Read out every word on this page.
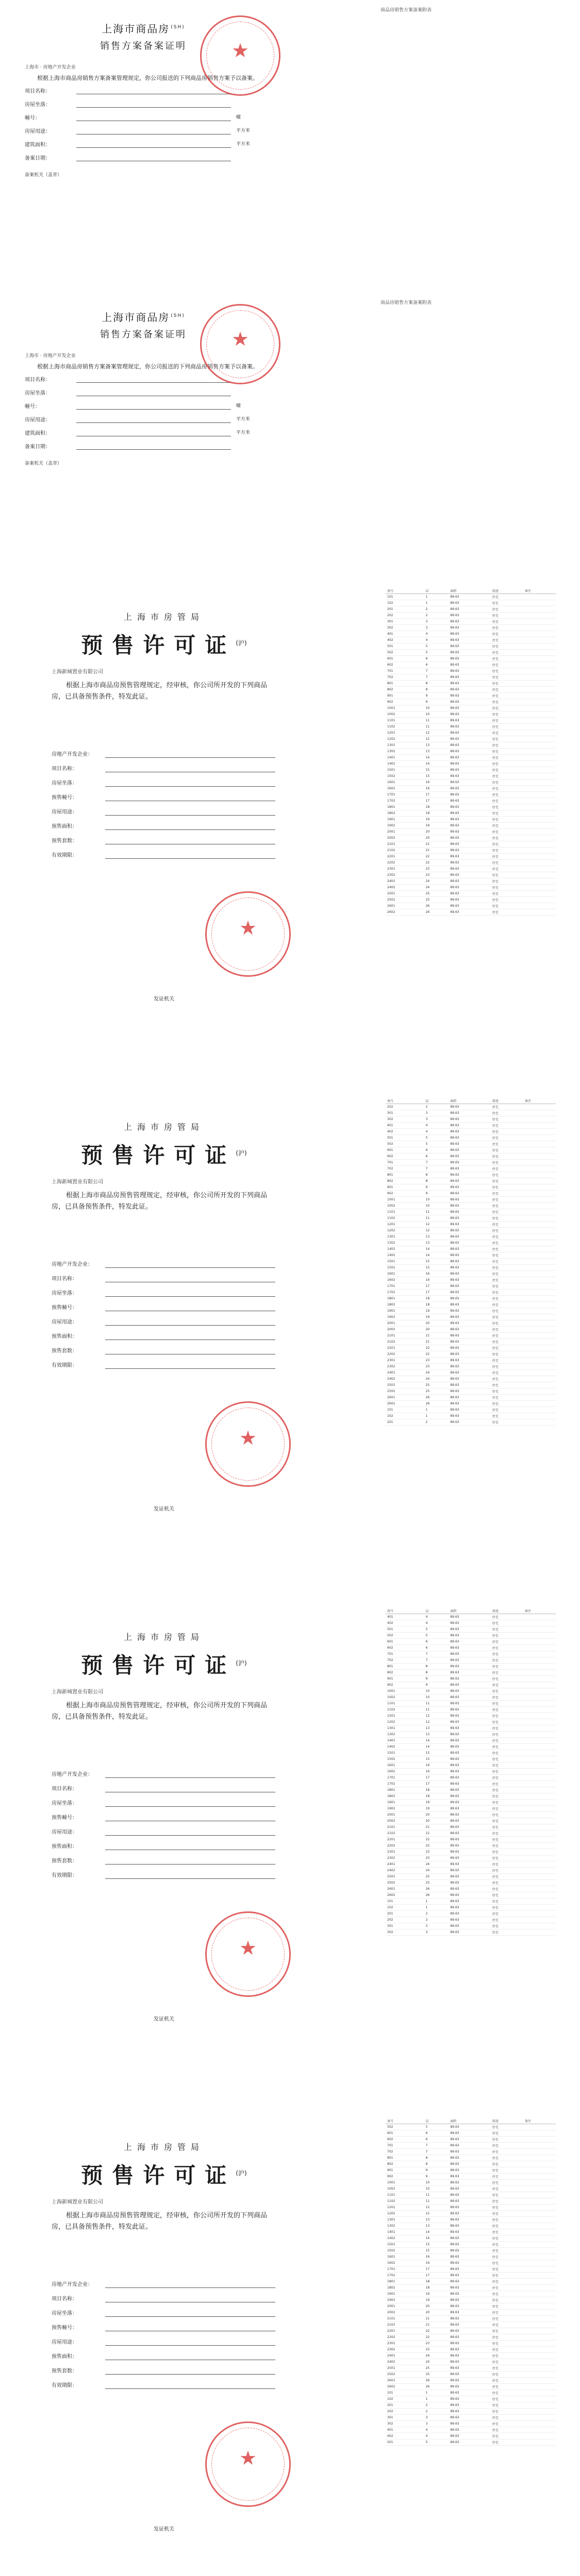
商品房销售方案备案附表
上海市商品房 $^{(SH)}$
销售方案备案证明
上海市 · 房地产开发企业
根据上海市商品房销售方案备案管理规定，你公司报送的下列商品房销售方案予以备案。
项目名称：
房屋坐落：
幢号：	幢
房屋用途：	平方米
建筑面积：	平方米
备案日期：
备案机关（盖章）
★
商品房销售方案备案附表
上海市商品房 $^{(SH)}$
销售方案备案证明
上海市 · 房地产开发企业
根据上海市商品房销售方案备案管理规定，你公司报送的下列商品房销售方案予以备案。
项目名称：
房屋坐落：
幢号：	幢
房屋用途：	平方米
建筑面积：	平方米
备案日期：
备案机关（盖章）
★
上海市房管局
预售许可证$^{(沪)}$
上海新城置业有限公司
根据上海市商品房预售管理规定，经审核，你公司所开发的下列商品房，已具备预售条件，特发此证。
房地产开发企业：
项目名称：
房屋坐落：
预售幢号：
房屋用途：
预售面积：
预售套数：
有效期限：
发证机关
★
房号	层	面积	用途	备注
101	1	89.63	住宅	
102	1	89.63	住宅	
201	2	89.63	住宅	
202	2	89.63	住宅	
301	3	89.63	住宅	
302	3	89.63	住宅	
401	4	89.63	住宅	
402	4	89.63	住宅	
501	5	89.63	住宅	
502	5	89.63	住宅	
601	6	89.63	住宅	
602	6	89.63	住宅	
701	7	89.63	住宅	
702	7	89.63	住宅	
801	8	89.63	住宅	
802	8	89.63	住宅	
901	9	89.63	住宅	
902	9	89.63	住宅	
1001	10	89.63	住宅	
1002	10	89.63	住宅	
1101	11	89.63	住宅	
1102	11	89.63	住宅	
1201	12	89.63	住宅	
1202	12	89.63	住宅	
1301	13	89.63	住宅	
1302	13	89.63	住宅	
1401	14	89.63	住宅	
1402	14	89.63	住宅	
1501	15	89.63	住宅	
1502	15	89.63	住宅	
1601	16	89.63	住宅	
1602	16	89.63	住宅	
1701	17	89.63	住宅	
1702	17	89.63	住宅	
1801	18	89.63	住宅	
1802	18	89.63	住宅	
1901	19	89.63	住宅	
1902	19	89.63	住宅	
2001	20	89.63	住宅	
2002	20	89.63	住宅	
2101	21	89.63	住宅	
2102	21	89.63	住宅	
2201	22	89.63	住宅	
2202	22	89.63	住宅	
2301	23	89.63	住宅	
2302	23	89.63	住宅	
2401	24	89.63	住宅	
2402	24	89.63	住宅	
2501	25	89.63	住宅	
2502	25	89.63	住宅	
2601	26	89.63	住宅	
2602	26	89.63	住宅	
上海市房管局
预售许可证$^{(沪)}$
上海新城置业有限公司
根据上海市商品房预售管理规定，经审核，你公司所开发的下列商品房，已具备预售条件，特发此证。
房地产开发企业：
项目名称：
房屋坐落：
预售幢号：
房屋用途：
预售面积：
预售套数：
有效期限：
发证机关
★
房号	层	面积	用途	备注
202	2	89.63	住宅	
301	3	89.63	住宅	
302	3	89.63	住宅	
401	4	89.63	住宅	
402	4	89.63	住宅	
501	5	89.63	住宅	
502	5	89.63	住宅	
601	6	89.63	住宅	
602	6	89.63	住宅	
701	7	89.63	住宅	
702	7	89.63	住宅	
801	8	89.63	住宅	
802	8	89.63	住宅	
901	9	89.63	住宅	
902	9	89.63	住宅	
1001	10	89.63	住宅	
1002	10	89.63	住宅	
1101	11	89.63	住宅	
1102	11	89.63	住宅	
1201	12	89.63	住宅	
1202	12	89.63	住宅	
1301	13	89.63	住宅	
1302	13	89.63	住宅	
1401	14	89.63	住宅	
1402	14	89.63	住宅	
1501	15	89.63	住宅	
1502	15	89.63	住宅	
1601	16	89.63	住宅	
1602	16	89.63	住宅	
1701	17	89.63	住宅	
1702	17	89.63	住宅	
1801	18	89.63	住宅	
1802	18	89.63	住宅	
1901	19	89.63	住宅	
1902	19	89.63	住宅	
2001	20	89.63	住宅	
2002	20	89.63	住宅	
2101	21	89.63	住宅	
2102	21	89.63	住宅	
2201	22	89.63	住宅	
2202	22	89.63	住宅	
2301	23	89.63	住宅	
2302	23	89.63	住宅	
2401	24	89.63	住宅	
2402	24	89.63	住宅	
2501	25	89.63	住宅	
2502	25	89.63	住宅	
2601	26	89.63	住宅	
2602	26	89.63	住宅	
101	1	89.63	住宅	
102	1	89.63	住宅	
201	2	89.63	住宅	
上海市房管局
预售许可证$^{(沪)}$
上海新城置业有限公司
根据上海市商品房预售管理规定，经审核，你公司所开发的下列商品房，已具备预售条件，特发此证。
房地产开发企业：
项目名称：
房屋坐落：
预售幢号：
房屋用途：
预售面积：
预售套数：
有效期限：
发证机关
★
房号	层	面积	用途	备注
401	4	89.63	住宅	
402	4	89.63	住宅	
501	5	89.63	住宅	
502	5	89.63	住宅	
601	6	89.63	住宅	
602	6	89.63	住宅	
701	7	89.63	住宅	
702	7	89.63	住宅	
801	8	89.63	住宅	
802	8	89.63	住宅	
901	9	89.63	住宅	
902	9	89.63	住宅	
1001	10	89.63	住宅	
1002	10	89.63	住宅	
1101	11	89.63	住宅	
1102	11	89.63	住宅	
1201	12	89.63	住宅	
1202	12	89.63	住宅	
1301	13	89.63	住宅	
1302	13	89.63	住宅	
1401	14	89.63	住宅	
1402	14	89.63	住宅	
1501	15	89.63	住宅	
1502	15	89.63	住宅	
1601	16	89.63	住宅	
1602	16	89.63	住宅	
1701	17	89.63	住宅	
1702	17	89.63	住宅	
1801	18	89.63	住宅	
1802	18	89.63	住宅	
1901	19	89.63	住宅	
1902	19	89.63	住宅	
2001	20	89.63	住宅	
2002	20	89.63	住宅	
2101	21	89.63	住宅	
2102	21	89.63	住宅	
2201	22	89.63	住宅	
2202	22	89.63	住宅	
2301	23	89.63	住宅	
2302	23	89.63	住宅	
2401	24	89.63	住宅	
2402	24	89.63	住宅	
2501	25	89.63	住宅	
2502	25	89.63	住宅	
2601	26	89.63	住宅	
2602	26	89.63	住宅	
101	1	89.63	住宅	
102	1	89.63	住宅	
201	2	89.63	住宅	
202	2	89.63	住宅	
301	3	89.63	住宅	
302	3	89.63	住宅	
上海市房管局
预售许可证$^{(沪)}$
上海新城置业有限公司
根据上海市商品房预售管理规定，经审核，你公司所开发的下列商品房，已具备预售条件，特发此证。
房地产开发企业：
项目名称：
房屋坐落：
预售幢号：
房屋用途：
预售面积：
预售套数：
有效期限：
发证机关
★
房号	层	面积	用途	备注
502	5	89.63	住宅	
601	6	89.63	住宅	
602	6	89.63	住宅	
701	7	89.63	住宅	
702	7	89.63	住宅	
801	8	89.63	住宅	
802	8	89.63	住宅	
901	9	89.63	住宅	
902	9	89.63	住宅	
1001	10	89.63	住宅	
1002	10	89.63	住宅	
1101	11	89.63	住宅	
1102	11	89.63	住宅	
1201	12	89.63	住宅	
1202	12	89.63	住宅	
1301	13	89.63	住宅	
1302	13	89.63	住宅	
1401	14	89.63	住宅	
1402	14	89.63	住宅	
1501	15	89.63	住宅	
1502	15	89.63	住宅	
1601	16	89.63	住宅	
1602	16	89.63	住宅	
1701	17	89.63	住宅	
1702	17	89.63	住宅	
1801	18	89.63	住宅	
1802	18	89.63	住宅	
1901	19	89.63	住宅	
1902	19	89.63	住宅	
2001	20	89.63	住宅	
2002	20	89.63	住宅	
2101	21	89.63	住宅	
2102	21	89.63	住宅	
2201	22	89.63	住宅	
2202	22	89.63	住宅	
2301	23	89.63	住宅	
2302	23	89.63	住宅	
2401	24	89.63	住宅	
2402	24	89.63	住宅	
2501	25	89.63	住宅	
2502	25	89.63	住宅	
2601	26	89.63	住宅	
2602	26	89.63	住宅	
101	1	89.63	住宅	
102	1	89.63	住宅	
201	2	89.63	住宅	
202	2	89.63	住宅	
301	3	89.63	住宅	
302	3	89.63	住宅	
401	4	89.63	住宅	
402	4	89.63	住宅	
501	5	89.63	住宅	
